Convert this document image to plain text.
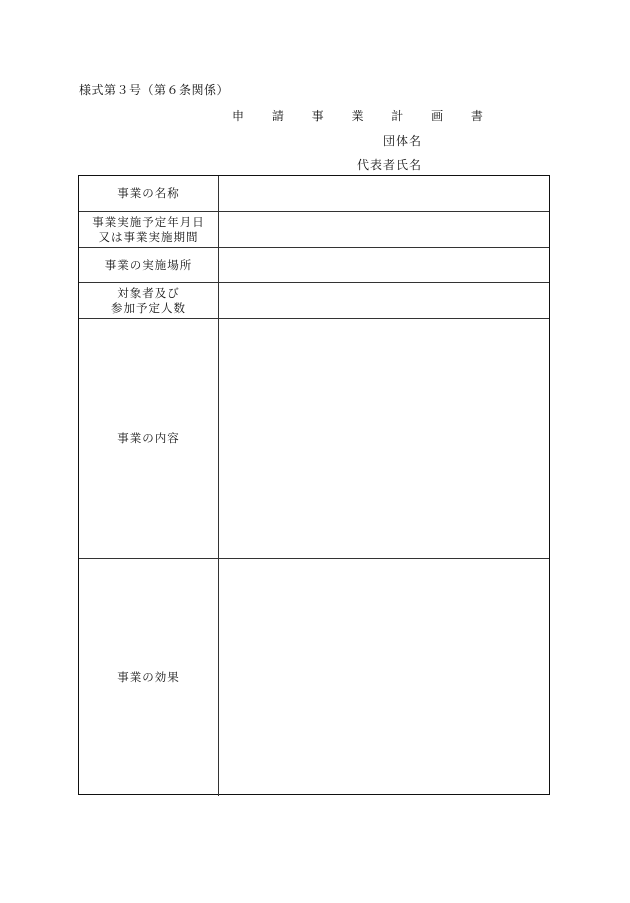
様式第３号（第６条関係）
申 請 事 業 計 画 書
団体名
代表者氏名
事業の名称
事業実施予定年月日
又は事業実施期間
事業の実施場所
対象者及び
参加予定人数
事業の内容
事業の効果
